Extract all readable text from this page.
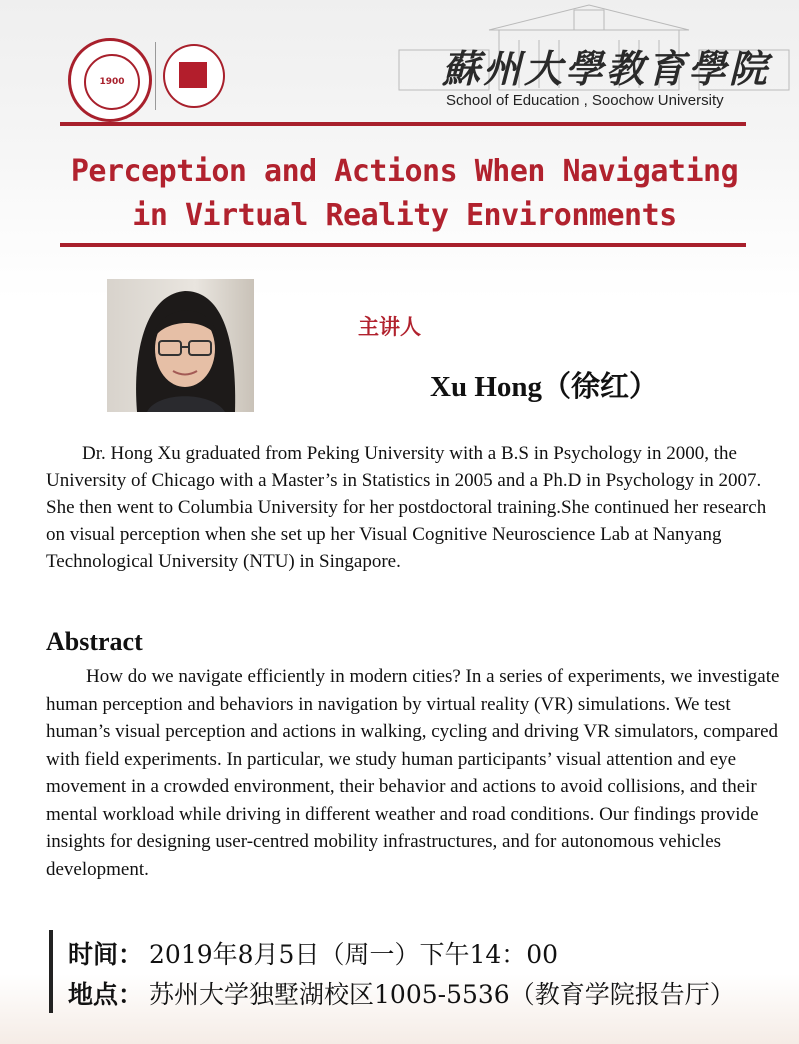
1900	蘇州大學教育學院
School of Education , Soochow University
Perception and Actions When Navigating
in Virtual Reality Environments
主讲人
Xu Hong（徐红）

Dr. Hong Xu graduated from Peking University with a B.S in Psychology in 2000, the University of Chicago with a Master’s in Statistics in 2005 and a Ph.D in Psychology in 2007. She then went to Columbia University for her postdoctoral training.She continued her research on visual perception when she set up her Visual Cognitive Neuroscience Lab at Nanyang Technological University (NTU) in Singapore.

Abstract

How do we navigate efficiently in modern cities? In a series of experiments, we investigate human perception and behaviors in navigation by virtual reality (VR) simulations. We test human’s visual perception and actions in walking, cycling and driving VR simulators, compared with field experiments. In particular, we study human participants’ visual attention and eye movement in a crowded environment, their behavior and actions to avoid collisions, and their mental workload while driving in different weather and road conditions. Our findings provide insights for designing user-centred mobility infrastructures, and for autonomous vehicles development.

时间： 2019年8月5日（周一）下午14：00
地点： 苏州大学独墅湖校区1005-5536（教育学院报告厅）
